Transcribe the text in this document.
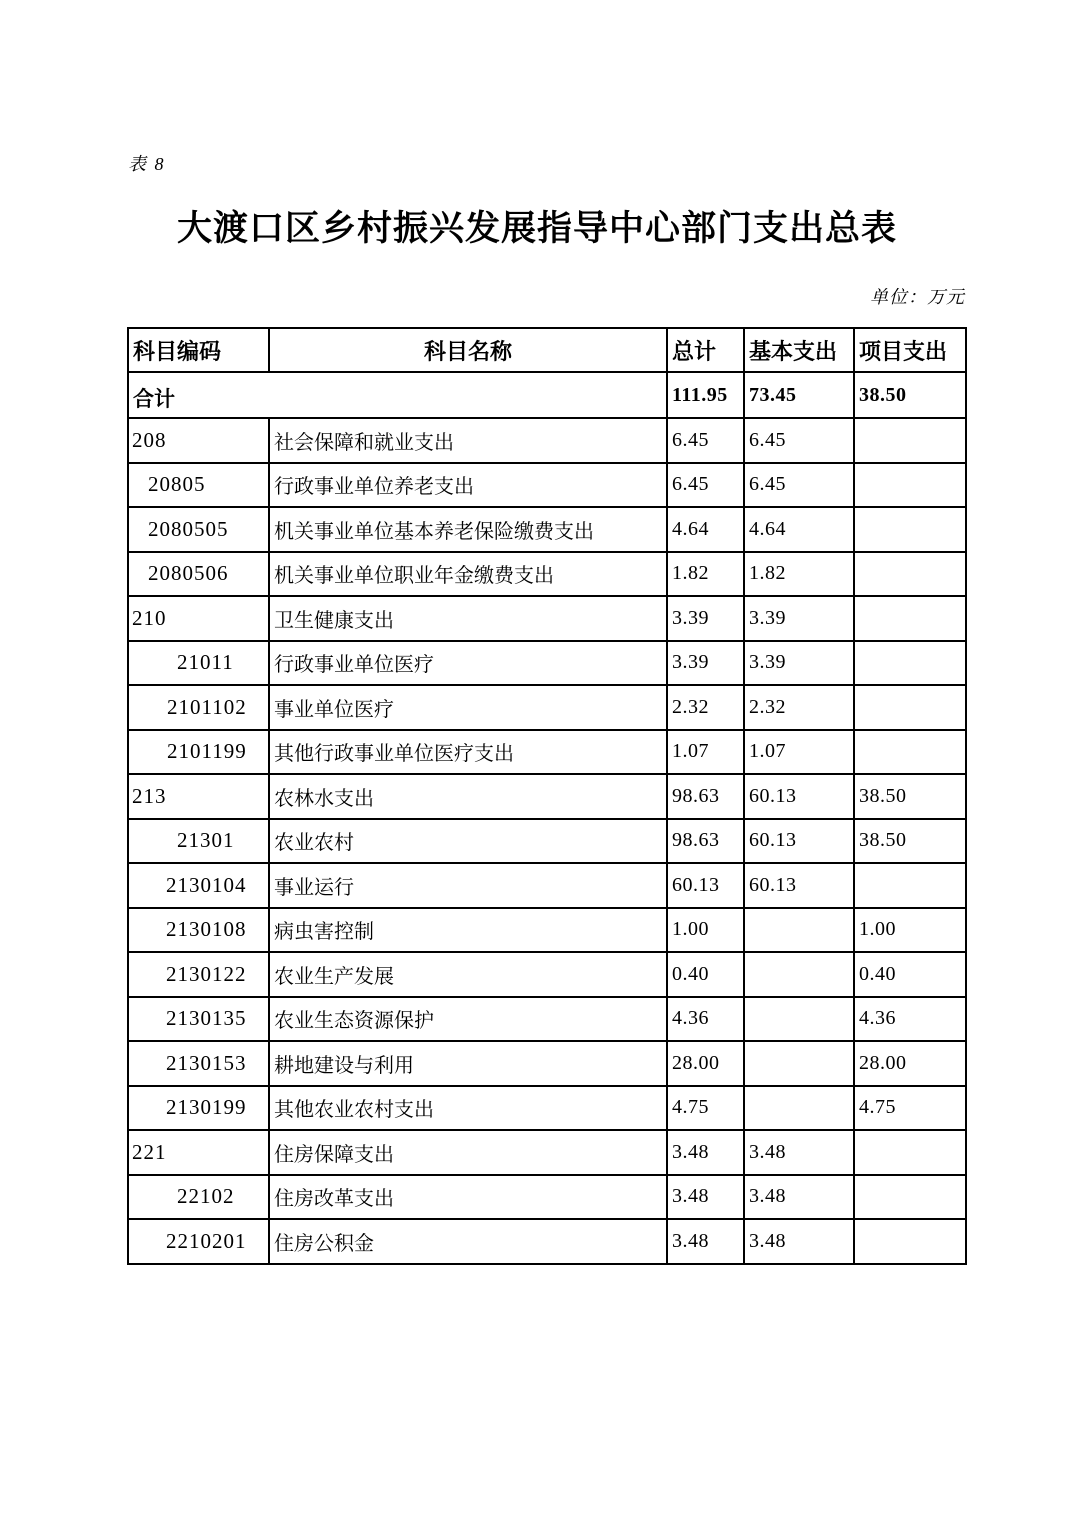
表 8
大渡口区乡村振兴发展指导中心部门支出总表
单位：万元
科目编码	科目名称	总计	基本支出	项目支出
合计		111.95	73.45	38.50
208	社会保障和就业支出	6.45	6.45	
20805	行政事业单位养老支出	6.45	6.45	
2080505	机关事业单位基本养老保险缴费支出	4.64	4.64	
2080506	机关事业单位职业年金缴费支出	1.82	1.82	
210	卫生健康支出	3.39	3.39	
21011	行政事业单位医疗	3.39	3.39	
2101102	事业单位医疗	2.32	2.32	
2101199	其他行政事业单位医疗支出	1.07	1.07	
213	农林水支出	98.63	60.13	38.50
21301	农业农村	98.63	60.13	38.50
2130104	事业运行	60.13	60.13	
2130108	病虫害控制	1.00		1.00
2130122	农业生产发展	0.40		0.40
2130135	农业生态资源保护	4.36		4.36
2130153	耕地建设与利用	28.00		28.00
2130199	其他农业农村支出	4.75		4.75
221	住房保障支出	3.48	3.48	
22102	住房改革支出	3.48	3.48	
2210201	住房公积金	3.48	3.48	
